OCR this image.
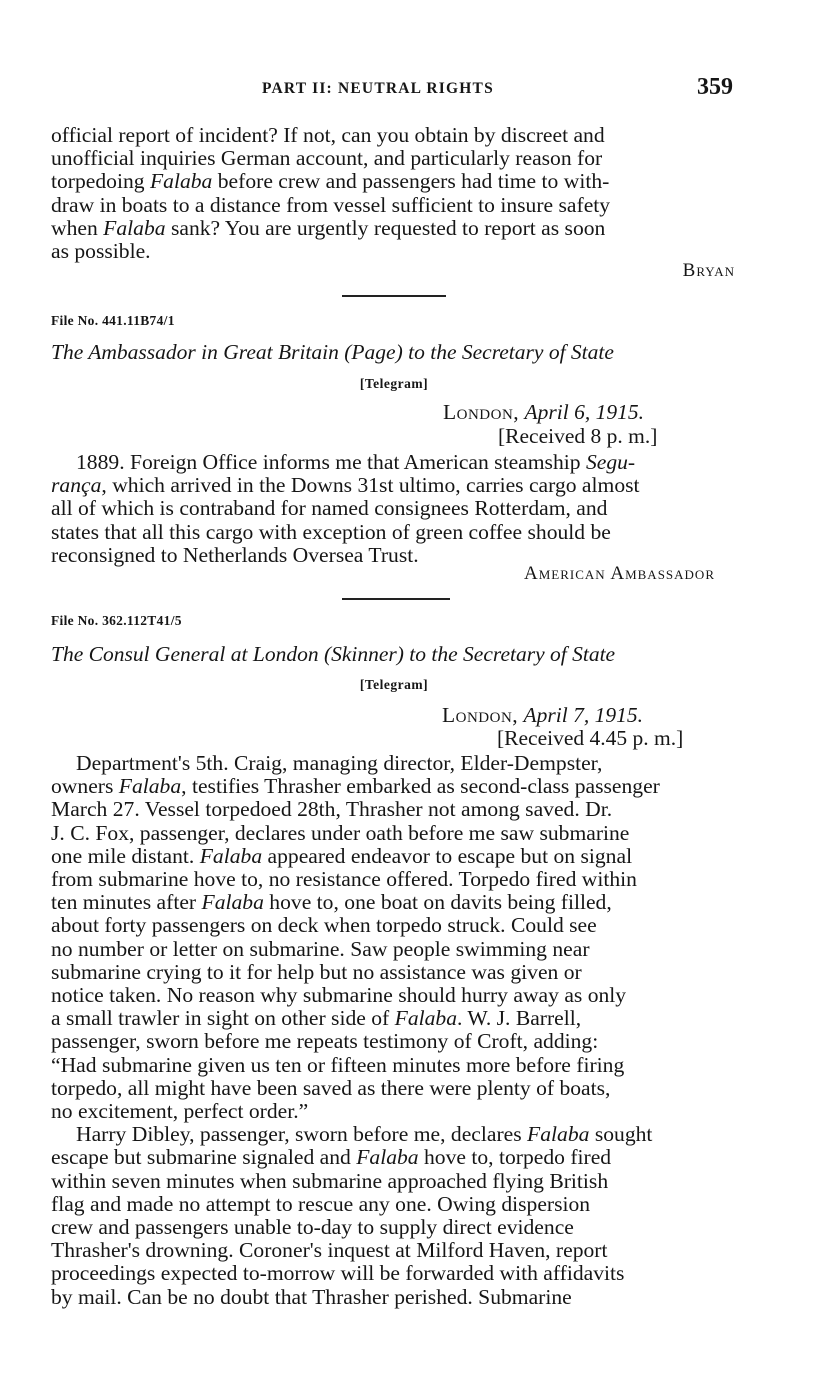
PART II: NEUTRAL RIGHTS	359
official report of incident? If not, can you obtain by discreet and
unofficial inquiries German account, and particularly reason for
torpedoing Falaba before crew and passengers had time to with-
draw in boats to a distance from vessel sufficient to insure safety
when Falaba sank? You are urgently requested to report as soon
as possible.
Bryan
File No. 441.11B74/1
The Ambassador in Great Britain (Page) to the Secretary of State
[Telegram]
London, April 6, 1915.
[Received 8 p. m.]
1889. Foreign Office informs me that American steamship Segu-
rança, which arrived in the Downs 31st ultimo, carries cargo almost
all of which is contraband for named consignees Rotterdam, and
states that all this cargo with exception of green coffee should be
reconsigned to Netherlands Oversea Trust.
American Ambassador
File No. 362.112T41/5
The Consul General at London (Skinner) to the Secretary of State
[Telegram]
London, April 7, 1915.
[Received 4.45 p. m.]
Department's 5th. Craig, managing director, Elder-Dempster,
owners Falaba, testifies Thrasher embarked as second-class passenger
March 27. Vessel torpedoed 28th, Thrasher not among saved. Dr.
J. C. Fox, passenger, declares under oath before me saw submarine
one mile distant. Falaba appeared endeavor to escape but on signal
from submarine hove to, no resistance offered. Torpedo fired within
ten minutes after Falaba hove to, one boat on davits being filled,
about forty passengers on deck when torpedo struck. Could see
no number or letter on submarine. Saw people swimming near
submarine crying to it for help but no assistance was given or
notice taken. No reason why submarine should hurry away as only
a small trawler in sight on other side of Falaba. W. J. Barrell,
passenger, sworn before me repeats testimony of Croft, adding:
“Had submarine given us ten or fifteen minutes more before firing
torpedo, all might have been saved as there were plenty of boats,
no excitement, perfect order.”
Harry Dibley, passenger, sworn before me, declares Falaba sought
escape but submarine signaled and Falaba hove to, torpedo fired
within seven minutes when submarine approached flying British
flag and made no attempt to rescue any one. Owing dispersion
crew and passengers unable to-day to supply direct evidence
Thrasher's drowning. Coroner's inquest at Milford Haven, report
proceedings expected to-morrow will be forwarded with affidavits
by mail. Can be no doubt that Thrasher perished. Submarine
